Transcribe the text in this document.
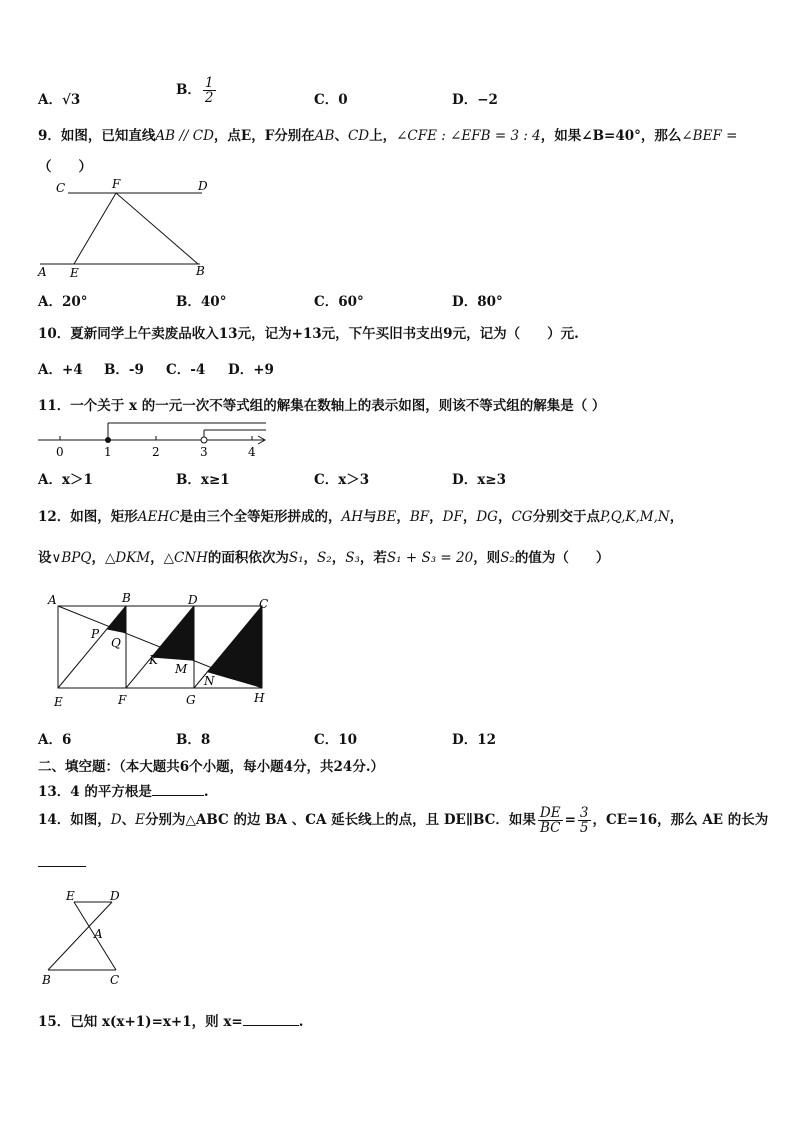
A．√3
B． $\frac{1}{2}$	C．0	D．−2
9．如图，已知直线AB // CD，点E，F分别在AB、CD上，∠CFE : ∠EFB = 3 : 4，如果∠B=40°，那么∠BEF =
（　　）
C	F	D
A E	B
A．20°	B．40°	C．60°	D．80°
10．夏新同学上午卖废品收入13元，记为+13元，下午买旧书支出9元，记为（　　）元.
A．+4 B．-9 C．-4 D．+9
11．一个关于 x 的一元一次不等式组的解集在数轴上的表示如图，则该不等式组的解集是（ ）
0	1	2	3	4
A．x＞1	B．x≥1	C．x＞3	D．x≥3
12．如图，矩形AEHC是由三个全等矩形拼成的，AH与BE，BF，DF，DG，CG分别交于点P,Q,K,M,N，
设∨BPQ，△DKM，△CNH的面积依次为S₁，S₂，S₃，若S₁ + S₃ = 20，则S₂的值为（　　）
A	B	D	C
P
Q
K
M
N
E	F	G	H
A．6	B．8	C．10	D．12
二、填空题：（本大题共6个小题，每小题4分，共24分.）
13．4 的平方根是	.
14．如图，D、E分别为△ABC 的边 BA 、CA 延长线上的点，且 DE∥BC．如果 $\frac{DE}{BC} = \frac{3}{5}$ ，CE=16，那么 AE 的长为
E	D
A
B	C
15．已知 x(x+1)=x+1，则 x=	.
